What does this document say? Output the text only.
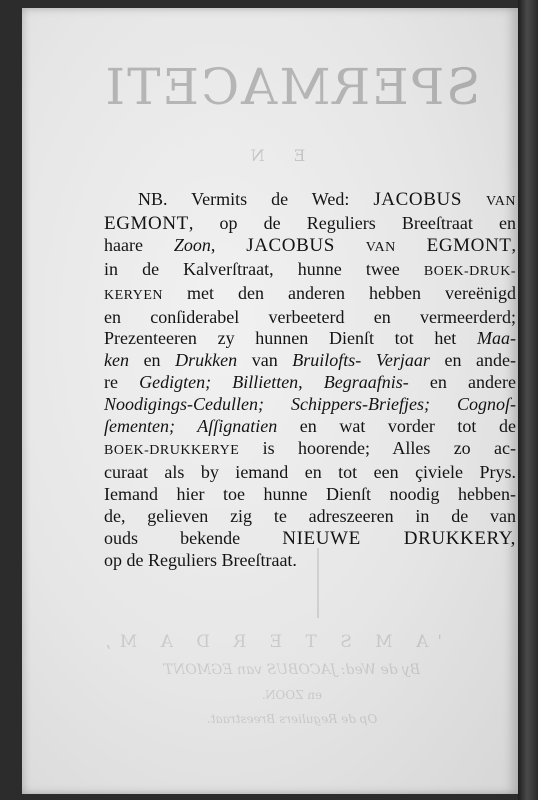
SPERMACETI
E N
'A M S T E R D A M,
By de Wed: JACOBUS van EGMONT
en ZOON.
Op de Reguliers Breestraat.
NB. Vermits de Wed: JACOBUS VAN
EGMONT, op de Reguliers Breeſtraat en
haare Zoon, JACOBUS VAN EGMONT,
in de Kalverſtraat, hunne twee BOEK-DRUK-
KERYEN met den anderen hebben vereënigd
en conſiderabel verbeeterd en vermeerderd;
Prezenteeren zy hunnen Dienſt tot het Maa-
ken en Drukken van Bruilofts- Verjaar en ande-
re Gedigten; Billietten, Begraafnis- en andere
Noodigings-Cedullen; Schippers-Briefjes; Cognoſ-
ſementen; Aſſignatien en wat vorder tot de
BOEK-DRUKKERYE is hoorende; Alles zo ac-
curaat als by iemand en tot een çiviele Prys.
Iemand hier toe hunne Dienſt noodig hebben-
de, gelieven zig te adreszeeren in de van
ouds bekende NIEUWE DRUKKERY,
op de Reguliers Breeſtraat.
